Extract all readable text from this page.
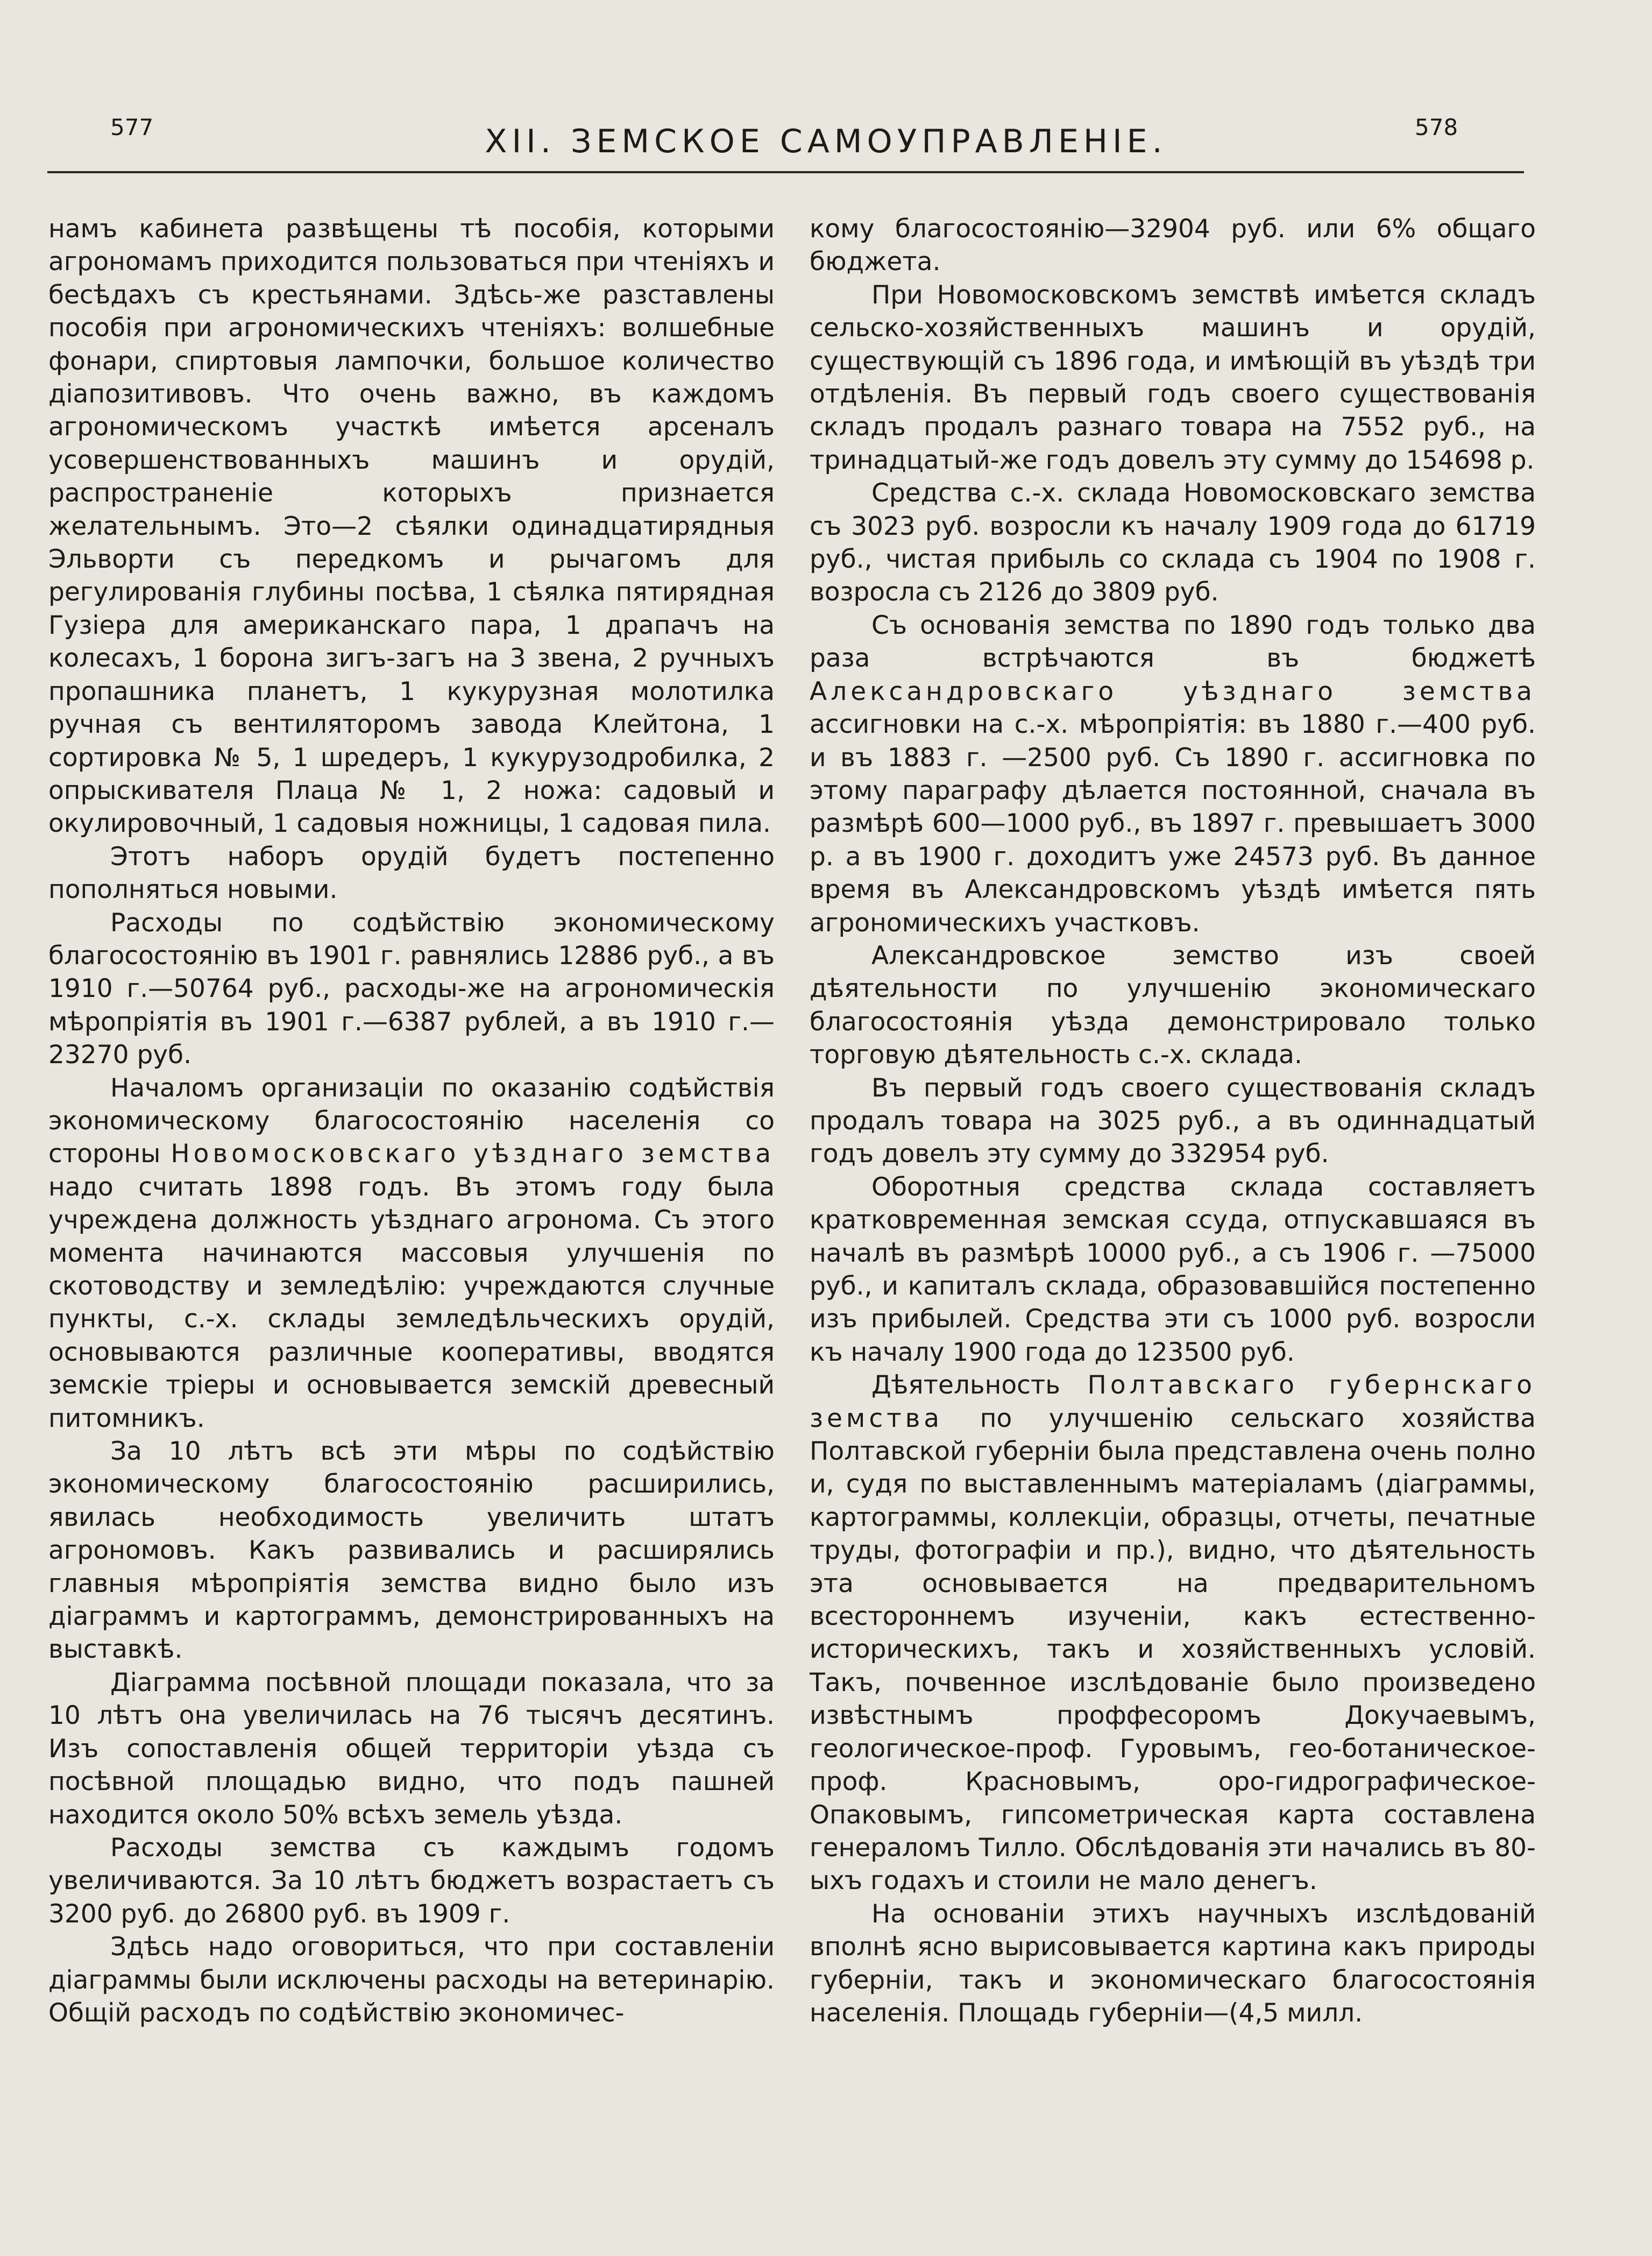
577	XII. ЗЕМСКОЕ САМОУПРАВЛЕНIЕ.	578

намъ кабинета развѣщены тѣ пособія, которыми агрономамъ приходится пользоваться при чтеніяхъ и бесѣдахъ съ крестьянами. Здѣсь-же разставлены пособія при агрономическихъ чтеніяхъ: волшебные фонари, спиртовыя лампочки, большое количество діапозитивовъ. Что очень важно, въ каждомъ агрономическомъ участкѣ имѣется арсеналъ усовершенствованныхъ машинъ и орудій, распространеніе которыхъ признается желательнымъ. Это—2 сѣялки одинадцатирядныя Эльворти съ передкомъ и рычагомъ для регулированія глубины посѣва, 1 сѣялка пятирядная Гузіера для американскаго пара, 1 драпачъ на колесахъ, 1 борона зигъ-загъ на 3 звена, 2 ручныхъ пропашника планетъ, 1 кукурузная молотилка ручная съ вентиляторомъ завода Клейтона, 1 сортировка № 5, 1 шредеръ, 1 кукурузодробилка, 2 опрыскивателя Плаца № 1, 2 ножа: садовый и окулировочный, 1 садовыя ножницы, 1 садовая пила.

Этотъ наборъ орудій будетъ постепенно пополняться новыми.

Расходы по содѣйствію экономическому благосостоянію въ 1901 г. равнялись 12886 руб., а въ 1910 г.—50764 руб., расходы-же на агрономическія мѣропріятія въ 1901 г.—6387 рублей, а въ 1910 г.—23270 руб.

Началомъ организаціи по оказанію содѣйствія экономическому благосостоянію населенія со стороны Новомосковскаго уѣзднаго земства надо считать 1898 годъ. Въ этомъ году была учреждена должность уѣзднаго агронома. Съ этого момента начинаются массовыя улучшенія по скотоводству и земледѣлію: учреждаются случные пункты, с.-х. склады земледѣльческихъ орудій, основываются различные кооперативы, вводятся земскіе тріеры и основывается земскій древесный питомникъ.

За 10 лѣтъ всѣ эти мѣры по содѣйствію экономическому благосостоянію расширились, явилась необходимость увеличить штатъ агрономовъ. Какъ развивались и расширялись главныя мѣропріятія земства видно было изъ діаграммъ и картограммъ, демонстрированныхъ на выставкѣ.

Діаграмма посѣвной площади показала, что за 10 лѣтъ она увеличилась на 76 тысячъ десятинъ. Изъ сопоставленія общей территоріи уѣзда съ посѣвной площадью видно, что подъ пашней находится около 50% всѣхъ земель уѣзда.

Расходы земства съ каждымъ годомъ увеличиваются. За 10 лѣтъ бюджетъ возрастаетъ съ 3200 руб. до 26800 руб. въ 1909 г.

Здѣсь надо оговориться, что при составленіи діаграммы были исключены расходы на ветеринарію. Общій расходъ по содѣйствію экономичес-

кому благосостоянію—32904 руб. или 6% общаго бюджета.

При Новомосковскомъ земствѣ имѣется складъ сельско-хозяйственныхъ машинъ и орудій, существующій съ 1896 года, и имѣющій въ уѣздѣ три отдѣленія. Въ первый годъ своего существованія складъ продалъ разнаго товара на 7552 руб., на тринадцатый-же годъ довелъ эту сумму до 154698 р.

Средства с.-х. склада Новомосковскаго земства съ 3023 руб. возросли къ началу 1909 года до 61719 руб., чистая прибыль со склада съ 1904 по 1908 г. возросла съ 2126 до 3809 руб.

Съ основанія земства по 1890 годъ только два раза встрѣчаются въ бюджетѣ Александровскаго уѣзднаго земства ассигновки на с.-х. мѣропріятія: въ 1880 г.—400 руб. и въ 1883 г. —2500 руб. Съ 1890 г. ассигновка по этому параграфу дѣлается постоянной, сначала въ размѣрѣ 600—1000 руб., въ 1897 г. превышаетъ 3000 р. а въ 1900 г. доходитъ уже 24573 руб. Въ данное время въ Александровскомъ уѣздѣ имѣется пять агрономическихъ участковъ.

Александровское земство изъ своей дѣятельности по улучшенію экономическаго благосостоянія уѣзда демонстрировало только торговую дѣятельность с.-х. склада.

Въ первый годъ своего существованія складъ продалъ товара на 3025 руб., а въ одиннадцатый годъ довелъ эту сумму до 332954 руб.

Оборотныя средства склада составляетъ кратковременная земская ссуда, отпускавшаяся въ началѣ въ размѣрѣ 10000 руб., а съ 1906 г. —75000 руб., и капиталъ склада, образовавшійся постепенно изъ прибылей. Средства эти съ 1000 руб. возросли къ началу 1900 года до 123500 руб.

Дѣятельность Полтавскаго губернскаго земства по улучшенію сельскаго хозяйства Полтавской губерніи была представлена очень полно и, судя по выставленнымъ матеріаламъ (діаграммы, картограммы, коллекціи, образцы, отчеты, печатные труды, фотографіи и пр.), видно, что дѣятельность эта основывается на предварительномъ всестороннемъ изученіи, какъ естественно-историческихъ, такъ и хозяйственныхъ условій. Такъ, почвенное изслѣдованіе было произведено извѣстнымъ проффесоромъ Докучаевымъ, геологическое-проф. Гуровымъ, гео-ботаническое-проф. Красновымъ, оро-гидрографическое-Опаковымъ, гипсометрическая карта составлена генераломъ Тилло. Обслѣдованія эти начались въ 80-ыхъ годахъ и стоили не мало денегъ.

На основаніи этихъ научныхъ изслѣдованій вполнѣ ясно вырисовывается картина какъ природы губерніи, такъ и экономическаго благосостоянія населенія. Площадь губерніи—(4,5 милл.
